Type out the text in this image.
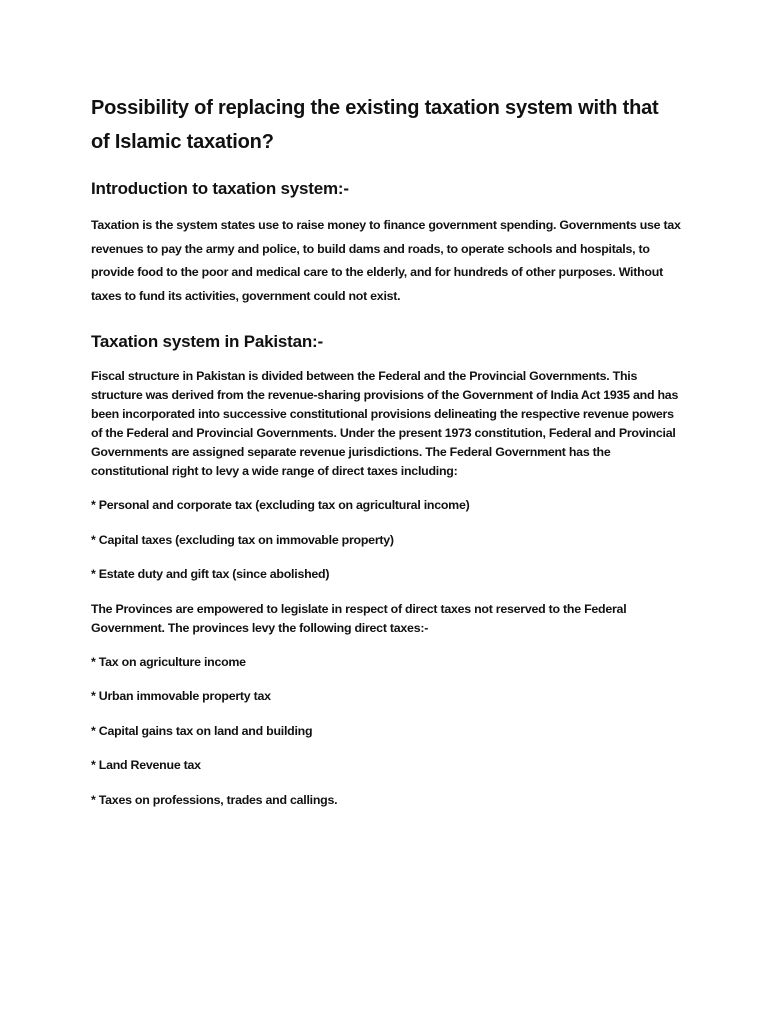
Possibility of replacing the existing taxation system with that of Islamic taxation?
Introduction to taxation system:-

Taxation is the system states use to raise money to finance government spending. Governments use tax revenues to pay the army and police, to build dams and roads, to operate schools and hospitals, to provide food to the poor and medical care to the elderly, and for hundreds of other purposes. Without taxes to fund its activities, government could not exist.

Taxation system in Pakistan:-

Fiscal structure in Pakistan is divided between the Federal and the Provincial Governments. This structure was derived from the revenue-sharing provisions of the Government of India Act 1935 and has been incorporated into successive constitutional provisions delineating the respective revenue powers of the Federal and Provincial Governments. Under the present 1973 constitution, Federal and Provincial Governments are assigned separate revenue jurisdictions. The Federal Government has the constitutional right to levy a wide range of direct taxes including:

* Personal and corporate tax (excluding tax on agricultural income)

* Capital taxes (excluding tax on immovable property)

* Estate duty and gift tax (since abolished)

The Provinces are empowered to legislate in respect of direct taxes not reserved to the Federal Government. The provinces levy the following direct taxes:-

* Tax on agriculture income

* Urban immovable property tax

* Capital gains tax on land and building

* Land Revenue tax

* Taxes on professions, trades and callings.
